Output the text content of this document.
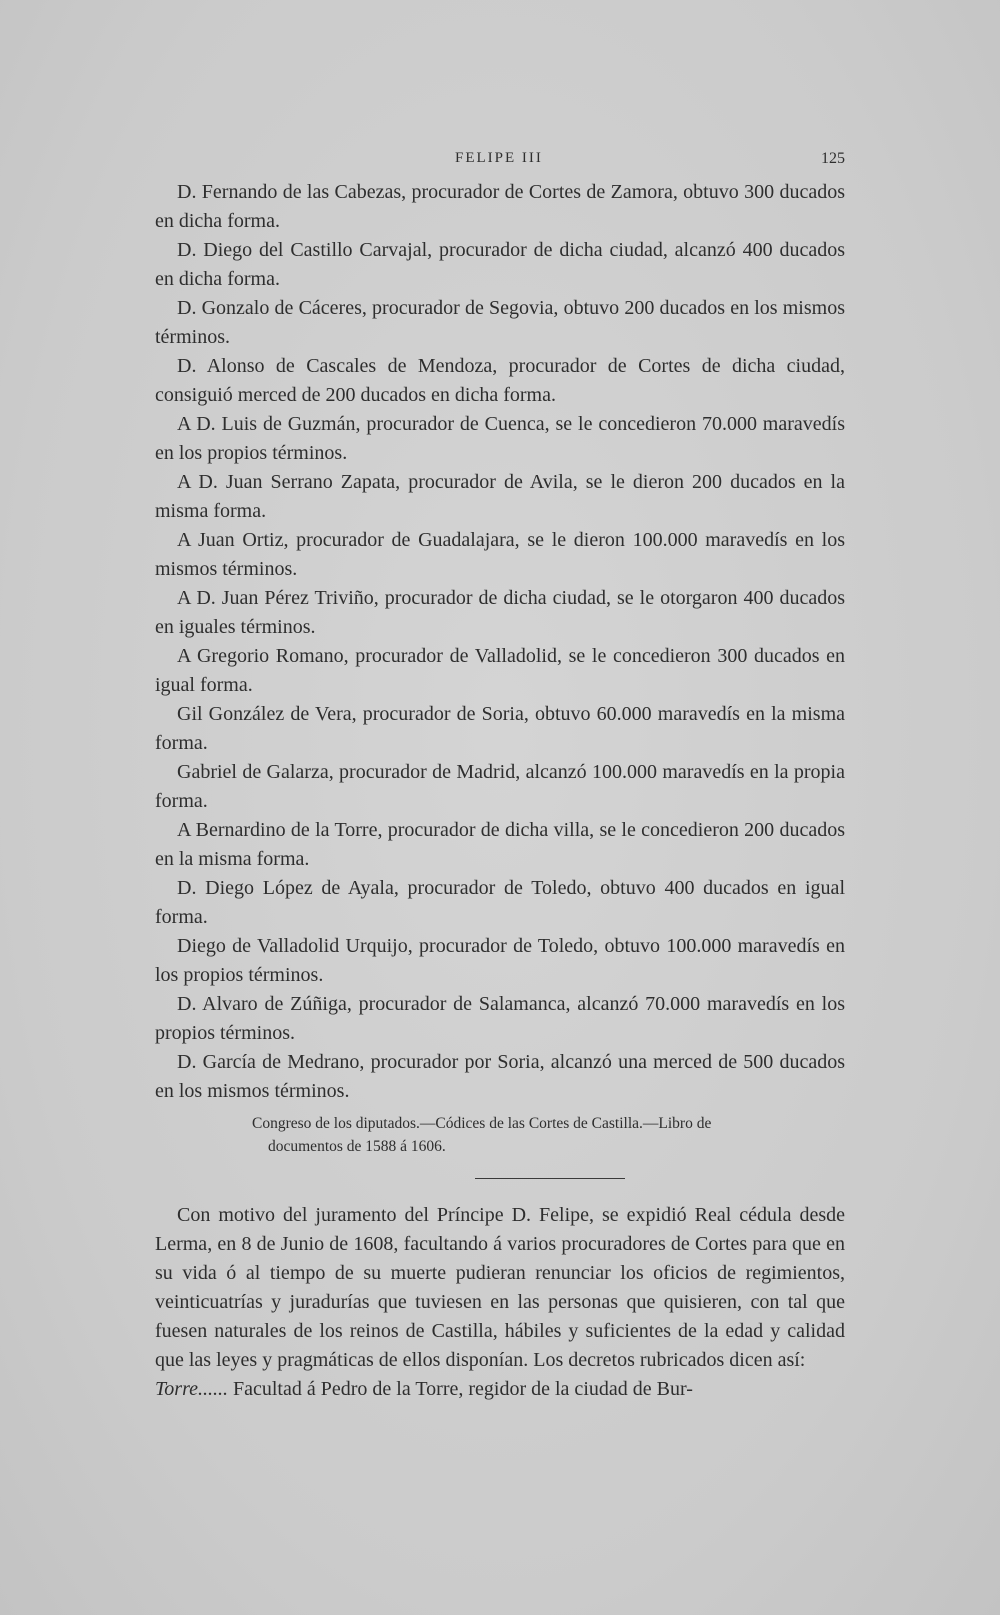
FELIPE III	125

D. Fernando de las Cabezas, procurador de Cortes de Zamora, obtuvo 300 ducados en dicha forma.

D. Diego del Castillo Carvajal, procurador de dicha ciudad, alcanzó 400 ducados en dicha forma.

D. Gonzalo de Cáceres, procurador de Segovia, obtuvo 200 ducados en los mismos términos.

D. Alonso de Cascales de Mendoza, procurador de Cortes de dicha ciudad, consiguió merced de 200 ducados en dicha forma.

A D. Luis de Guzmán, procurador de Cuenca, se le concedieron 70.000 maravedís en los propios términos.

A D. Juan Serrano Zapata, procurador de Avila, se le dieron 200 ducados en la misma forma.

A Juan Ortiz, procurador de Guadalajara, se le dieron 100.000 maravedís en los mismos términos.

A D. Juan Pérez Triviño, procurador de dicha ciudad, se le otorgaron 400 ducados en iguales términos.

A Gregorio Romano, procurador de Valladolid, se le concedieron 300 ducados en igual forma.

Gil González de Vera, procurador de Soria, obtuvo 60.000 maravedís en la misma forma.

Gabriel de Galarza, procurador de Madrid, alcanzó 100.000 maravedís en la propia forma.

A Bernardino de la Torre, procurador de dicha villa, se le concedieron 200 ducados en la misma forma.

D. Diego López de Ayala, procurador de Toledo, obtuvo 400 ducados en igual forma.

Diego de Valladolid Urquijo, procurador de Toledo, obtuvo 100.000 maravedís en los propios términos.

D. Alvaro de Zúñiga, procurador de Salamanca, alcanzó 70.000 maravedís en los propios términos.

D. García de Medrano, procurador por Soria, alcanzó una merced de 500 ducados en los mismos términos.

Congreso de los diputados.—Códices de las Cortes de Castilla.—Libro de
documentos de 1588 á 1606.

Con motivo del juramento del Príncipe D. Felipe, se expidió Real cédula desde Lerma, en 8 de Junio de 1608, facultando á varios procuradores de Cortes para que en su vida ó al tiempo de su muerte pudieran renunciar los oficios de regimientos, veinticuatrías y juradurías que tuviesen en las personas que quisieren, con tal que fuesen naturales de los reinos de Castilla, hábiles y suficientes de la edad y calidad que las leyes y pragmáticas de ellos disponían. Los decretos rubricados dicen así:
Torre...... Facultad á Pedro de la Torre, regidor de la ciudad de Bur-
